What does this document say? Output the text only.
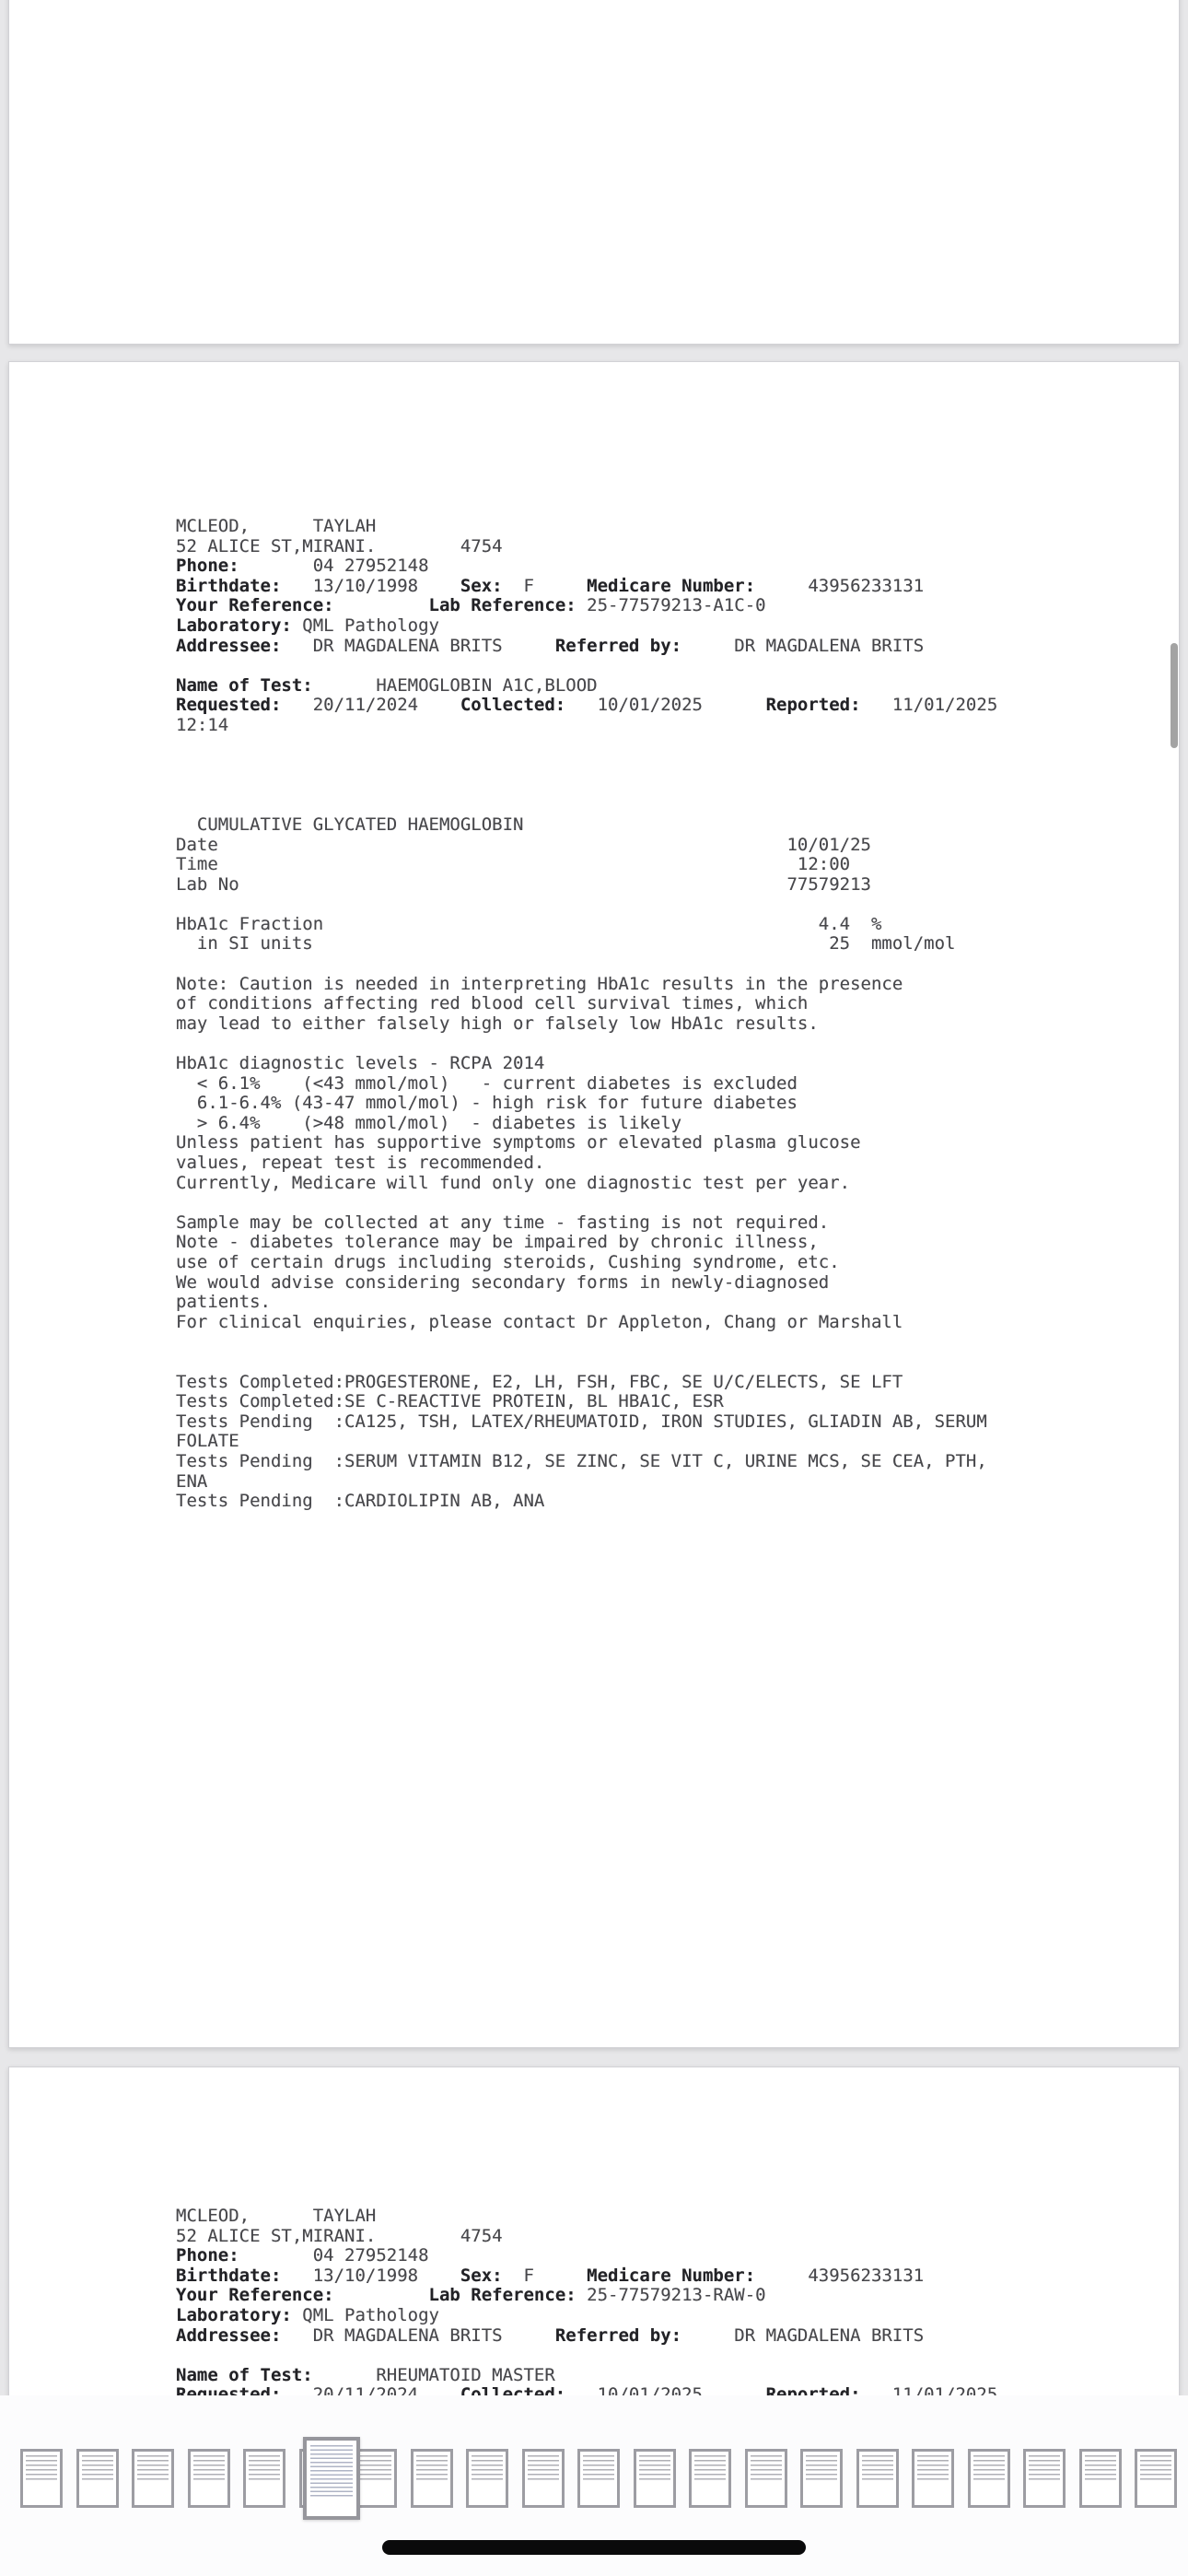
MCLEOD,      TAYLAH
52 ALICE ST,MIRANI.        4754
Phone:       04 27952148
Birthdate:   13/10/1998    Sex:  F     Medicare Number:     43956233131
Your Reference:	Lab Reference: 25-77579213-A1C-0
Laboratory: QML Pathology
Addressee:   DR MAGDALENA BRITS     Referred by:     DR MAGDALENA BRITS
Name of Test:      HAEMOGLOBIN A1C,BLOOD
Requested:   20/11/2024    Collected:   10/01/2025      Reported:   11/01/2025
12:14
CUMULATIVE GLYCATED HAEMOGLOBIN
Date                                                      10/01/25
Time                                                       12:00
Lab No                                                    77579213
HbA1c Fraction                                               4.4  %
in SI units                                                 25  mmol/mol
Note: Caution is needed in interpreting HbA1c results in the presence
of conditions affecting red blood cell survival times, which
may lead to either falsely high or falsely low HbA1c results.
HbA1c diagnostic levels - RCPA 2014
< 6.1%    (<43 mmol/mol)   - current diabetes is excluded
6.1-6.4% (43-47 mmol/mol) - high risk for future diabetes
> 6.4%    (>48 mmol/mol)  - diabetes is likely
Unless patient has supportive symptoms or elevated plasma glucose
values, repeat test is recommended.
Currently, Medicare will fund only one diagnostic test per year.
Sample may be collected at any time - fasting is not required.
Note - diabetes tolerance may be impaired by chronic illness,
use of certain drugs including steroids, Cushing syndrome, etc.
We would advise considering secondary forms in newly-diagnosed
patients.
For clinical enquiries, please contact Dr Appleton, Chang or Marshall
Tests Completed:PROGESTERONE, E2, LH, FSH, FBC, SE U/C/ELECTS, SE LFT
Tests Completed:SE C-REACTIVE PROTEIN, BL HBA1C, ESR
Tests Pending  :CA125, TSH, LATEX/RHEUMATOID, IRON STUDIES, GLIADIN AB, SERUM
FOLATE
Tests Pending  :SERUM VITAMIN B12, SE ZINC, SE VIT C, URINE MCS, SE CEA, PTH,
ENA
Tests Pending  :CARDIOLIPIN AB, ANA
MCLEOD,      TAYLAH
52 ALICE ST,MIRANI.        4754
Phone:       04 27952148
Birthdate:   13/10/1998    Sex:  F     Medicare Number:     43956233131
Your Reference:	Lab Reference: 25-77579213-RAW-0
Laboratory: QML Pathology
Addressee:   DR MAGDALENA BRITS     Referred by:     DR MAGDALENA BRITS
Name of Test:      RHEUMATOID MASTER
